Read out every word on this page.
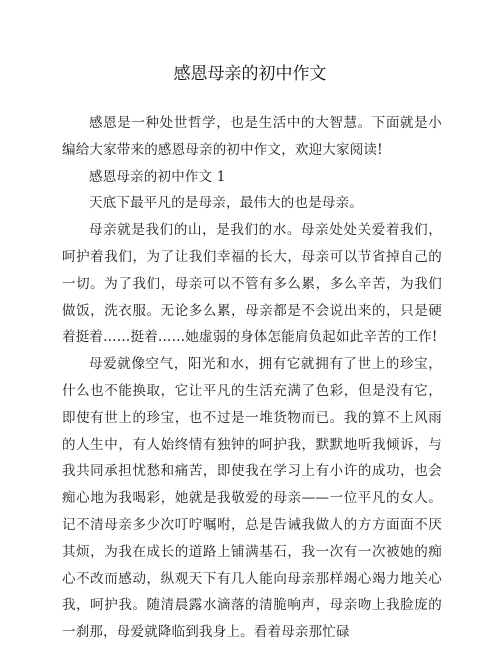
感恩母亲的初中作文

感恩是一种处世哲学，也是生活中的大智慧。下面就是小编给大家带来的感恩母亲的初中作文，欢迎大家阅读!

感恩母亲的初中作文 1

天底下最平凡的是母亲，最伟大的也是母亲。

母亲就是我们的山，是我们的水。母亲处处关爱着我们，呵护着我们，为了让我们幸福的长大，母亲可以节省掉自己的一切。为了我们，母亲可以不管有多么累，多么辛苦，为我们做饭，洗衣服。无论多么累，母亲都是不会说出来的，只是硬着挺着……挺着……她虚弱的身体怎能肩负起如此辛苦的工作!

母爱就像空气，阳光和水，拥有它就拥有了世上的珍宝，什么也不能换取，它让平凡的生活充满了色彩，但是没有它，即使有世上的珍宝，也不过是一堆货物而已。我的算不上风雨的人生中，有人始终情有独钟的呵护我，默默地听我倾诉，与我共同承担忧愁和痛苦，即使我在学习上有小许的成功，也会痴心地为我喝彩，她就是我敬爱的母亲——一位平凡的女人。记不清母亲多少次叮咛嘱咐，总是告诫我做人的方方面面不厌其烦，为我在成长的道路上铺满基石，我一次有一次被她的痴心不改而感动，纵观天下有几人能向母亲那样竭心竭力地关心我，呵护我。随清晨露水滴落的清脆响声，母亲吻上我脸庞的一刹那，母爱就降临到我身上。看着母亲那忙碌
